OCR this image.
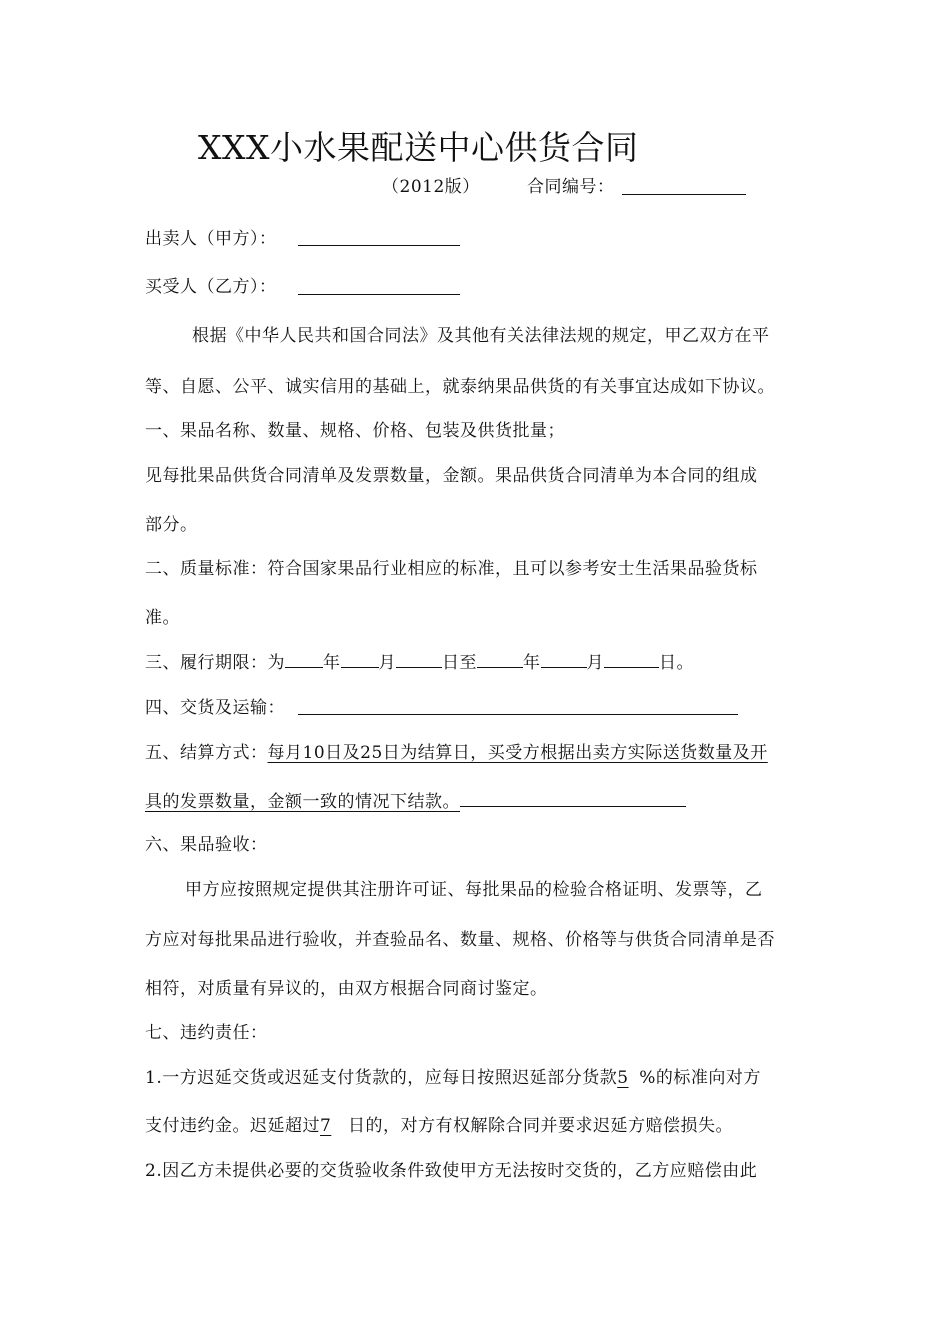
XXX小水果配送中心供货合同
（2012版）	合同编号：
出卖人（甲方）：
买受人（乙方）：
根据《中华人民共和国合同法》及其他有关法律法规的规定，甲乙双方在平
等、自愿、公平、诚实信用的基础上，就泰纳果品供货的有关事宜达成如下协议。
一、果品名称、数量、规格、价格、包装及供货批量；
见每批果品供货合同清单及发票数量，金额。果品供货合同清单为本合同的组成
部分。
二、质量标准：符合国家果品行业相应的标准，且可以参考安士生活果品验货标
准。
三、履行期限：为 年 月	日至	年	月	日。
四、交货及运输：
五、结算方式：每月10日及25日为结算日，买受方根据出卖方实际送货数量及开
具的发票数量，金额一致的情况下结款。
六、果品验收：
甲方应按照规定提供其注册许可证、每批果品的检验合格证明、发票等，乙
方应对每批果品进行验收，并查验品名、数量、规格、价格等与供货合同清单是否
相符，对质量有异议的，由双方根据合同商讨鉴定。
七、违约责任：
1.一方迟延交货或迟延支付货款的，应每日按照迟延部分货款5 %的标准向对方
支付违约金。迟延超过7 日的，对方有权解除合同并要求迟延方赔偿损失。
2.因乙方未提供必要的交货验收条件致使甲方无法按时交货的，乙方应赔偿由此
